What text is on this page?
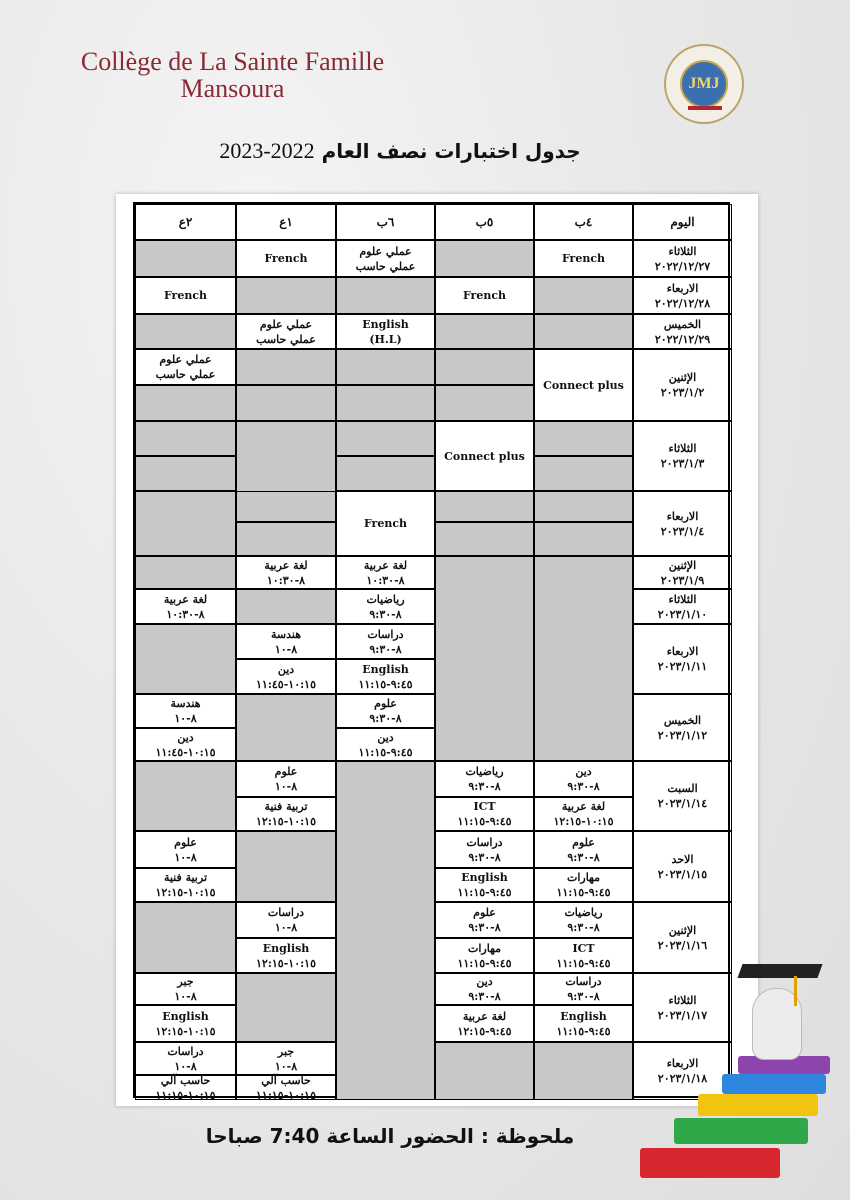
Collège de La Sainte Famille
Mansoura	JMJ
جدول اختبارات نصف العام 2022-2023
اليوم
٤ب
٥ب
٦ب
١ع
٢ع
الثلاثاء
٢٠٢٢/١٢/٢٧
الاربعاء
٢٠٢٢/١٢/٢٨
الخميس
٢٠٢٢/١٢/٢٩
الإثنين
٢٠٢٣/١/٢
الثلاثاء
٢٠٢٣/١/٣
الاربعاء
٢٠٢٣/١/٤
الإثنين
٢٠٢٣/١/٩
الثلاثاء
٢٠٢٣/١/١٠
الاربعاء
٢٠٢٣/١/١١
الخميس
٢٠٢٣/١/١٢
السبت
٢٠٢٣/١/١٤
الاحد
٢٠٢٣/١/١٥
الإثنين
٢٠٢٣/١/١٦
الثلاثاء
٢٠٢٣/١/١٧
الاربعاء
٢٠٢٣/١/١٨
French
عملي علوم
عملي حاسب
French
French
French
English
(H.L)
عملي علوم
عملي حاسب
Connect plus
عملي علوم
عملي حاسب
Connect plus
French
لغة عربية
٨-١٠:٣٠
لغة عربية
٨-١٠:٣٠
رياضيات
٨-٩:٣٠
لغة عربية
٨-١٠:٣٠
دراسات
٨-٩:٣٠
هندسة
٨-١٠
English
٩:٤٥-١١:١٥
دين
١٠:١٥-١١:٤٥
علوم
٨-٩:٣٠
هندسة
٨-١٠
دين
٩:٤٥-١١:١٥
دين
١٠:١٥-١١:٤٥
دين
٨-٩:٣٠
رياضيات
٨-٩:٣٠
علوم
٨-١٠
لغة عربية
١٠:١٥-١٢:١٥
ICT
٩:٤٥-١١:١٥
تربية فنية
١٠:١٥-١٢:١٥
علوم
٨-٩:٣٠
دراسات
٨-٩:٣٠
علوم
٨-١٠
مهارات
٩:٤٥-١١:١٥
English
٩:٤٥-١١:١٥
تربية فنية
١٠:١٥-١٢:١٥
رياضيات
٨-٩:٣٠
علوم
٨-٩:٣٠
دراسات
٨-١٠
ICT
٩:٤٥-١١:١٥
مهارات
٩:٤٥-١١:١٥
English
١٠:١٥-١٢:١٥
دراسات
٨-٩:٣٠
دين
٨-٩:٣٠
جبر
٨-١٠
English
٩:٤٥-١١:١٥
لغة عربية
٩:٤٥-١٢:١٥
English
١٠:١٥-١٢:١٥
جبر
٨-١٠
دراسات
٨-١٠
حاسب آلي
١٠:١٥-١١:١٥
حاسب آلي
١٠:١٥-١١:١٥
ملحوظة : الحضور الساعة 7:40 صباحا
